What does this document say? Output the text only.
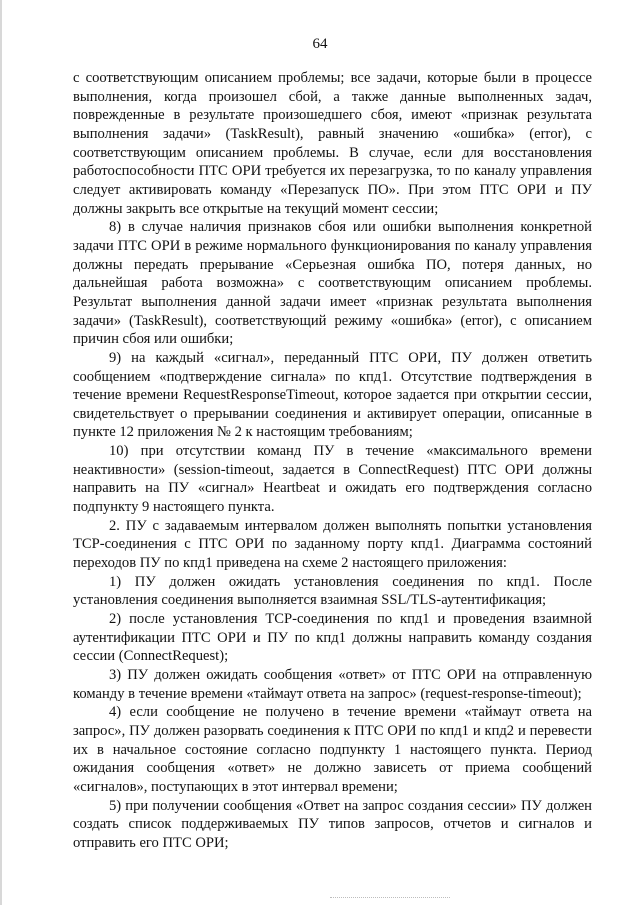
64

с соответствующим описанием проблемы; все задачи, которые были в процессе выполнения, когда произошел сбой, а также данные выполненных задач, поврежденные в результате произошедшего сбоя, имеют «признак результата выполнения задачи» (TaskResult), равный значению «ошибка» (error), с соответствующим описанием проблемы. В случае, если для восстановления работоспособности ПТС ОРИ требуется их перезагрузка, то по каналу управления следует активировать команду «Перезапуск ПО». При этом ПТС ОРИ и ПУ должны закрыть все открытые на текущий момент сессии;

8) в случае наличия признаков сбоя или ошибки выполнения конкретной задачи ПТС ОРИ в режиме нормального функционирования по каналу управления должны передать прерывание «Серьезная ошибка ПО, потеря данных, но дальнейшая работа возможна» с соответствующим описанием проблемы. Результат выполнения данной задачи имеет «признак результата выполнения задачи» (TaskResult), соответствующий режиму «ошибка» (error), с описанием причин сбоя или ошибки;

9) на каждый «сигнал», переданный ПТС ОРИ, ПУ должен ответить сообщением «подтверждение сигнала» по кпд1. Отсутствие подтверждения в течение времени RequestResponseTimeout, которое задается при открытии сессии, свидетельствует о прерывании соединения и активирует операции, описанные в пункте 12 приложения № 2 к настоящим требованиям;

10) при отсутствии команд ПУ в течение «максимального времени неактивности» (session-timeout, задается в ConnectRequest) ПТС ОРИ должны направить на ПУ «сигнал» Heartbeat и ожидать его подтверждения согласно подпункту 9 настоящего пункта.

2. ПУ с задаваемым интервалом должен выполнять попытки установления TCP-соединения с ПТС ОРИ по заданному порту кпд1. Диаграмма состояний переходов ПУ по кпд1 приведена на схеме 2 настоящего приложения:

1) ПУ должен ожидать установления соединения по кпд1. После установления соединения выполняется взаимная SSL/TLS-аутентификация;

2) после установления TCP-соединения по кпд1 и проведения взаимной аутентификации ПТС ОРИ и ПУ по кпд1 должны направить команду создания сессии (ConnectRequest);

3) ПУ должен ожидать сообщения «ответ» от ПТС ОРИ на отправленную команду в течение времени «таймаут ответа на запрос» (request-response-timeout);

4) если сообщение не получено в течение времени «таймаут ответа на запрос», ПУ должен разорвать соединения к ПТС ОРИ по кпд1 и кпд2 и перевести их в начальное состояние согласно подпункту 1 настоящего пункта. Период ожидания сообщения «ответ» не должно зависеть от приема сообщений «сигналов», поступающих в этот интервал времени;

5) при получении сообщения «Ответ на запрос создания сессии» ПУ должен создать список поддерживаемых ПУ типов запросов, отчетов и сигналов и отправить его ПТС ОРИ;
